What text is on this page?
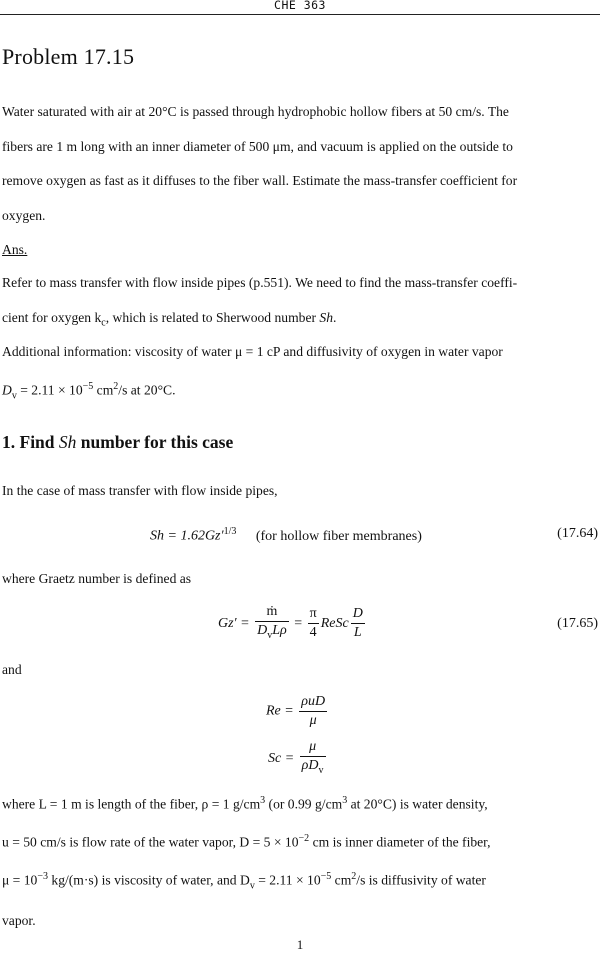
CHE 363
Problem 17.15
Water saturated with air at 20°C is passed through hydrophobic hollow fibers at 50 cm/s. The
fibers are 1 m long with an inner diameter of 500 μm, and vacuum is applied on the outside to
remove oxygen as fast as it diffuses to the fiber wall. Estimate the mass-transfer coefficient for
oxygen.
Ans.
Refer to mass transfer with flow inside pipes (p.551). We need to find the mass-transfer coeffi-
cient for oxygen $k_c$, which is related to Sherwood number Sh.
Additional information: viscosity of water μ = 1 cP and diffusivity of oxygen in water vapor
$D_v = 2.11 \times 10^{-5}$ $cm^2/s$ at 20°C.
1. Find Sh number for this case
In the case of mass transfer with flow inside pipes,
$Sh = 1.62Gz'^{1/3}$ (for hollow fiber membranes)	(17.64)
where Graetz number is defined as
$Gz' = \frac{\text{ṁ}}{D_vL\rho} = \frac{\pi}{4}$ ReSc $\frac{D}{L}$	(17.65)
and
$Re = \frac{\text{ρuD}}{\mu}$
$Sc = \frac{\mu}{\rho D_v}$
where L = 1 m is length of the fiber, ρ = 1 $g/cm^3$ (or 0.99 $g/cm^3$ at 20°C) is water density,
u = 50 cm/s is flow rate of the water vapor, $D = 5 \times 10^{-2}$ cm is inner diameter of the fiber,
$\mu = 10^{-3}$ kg/(m·s) is viscosity of water, and $D_v = 2.11 \times 10^{-5}$ $cm^2/s$ is diffusivity of water
vapor.
1
